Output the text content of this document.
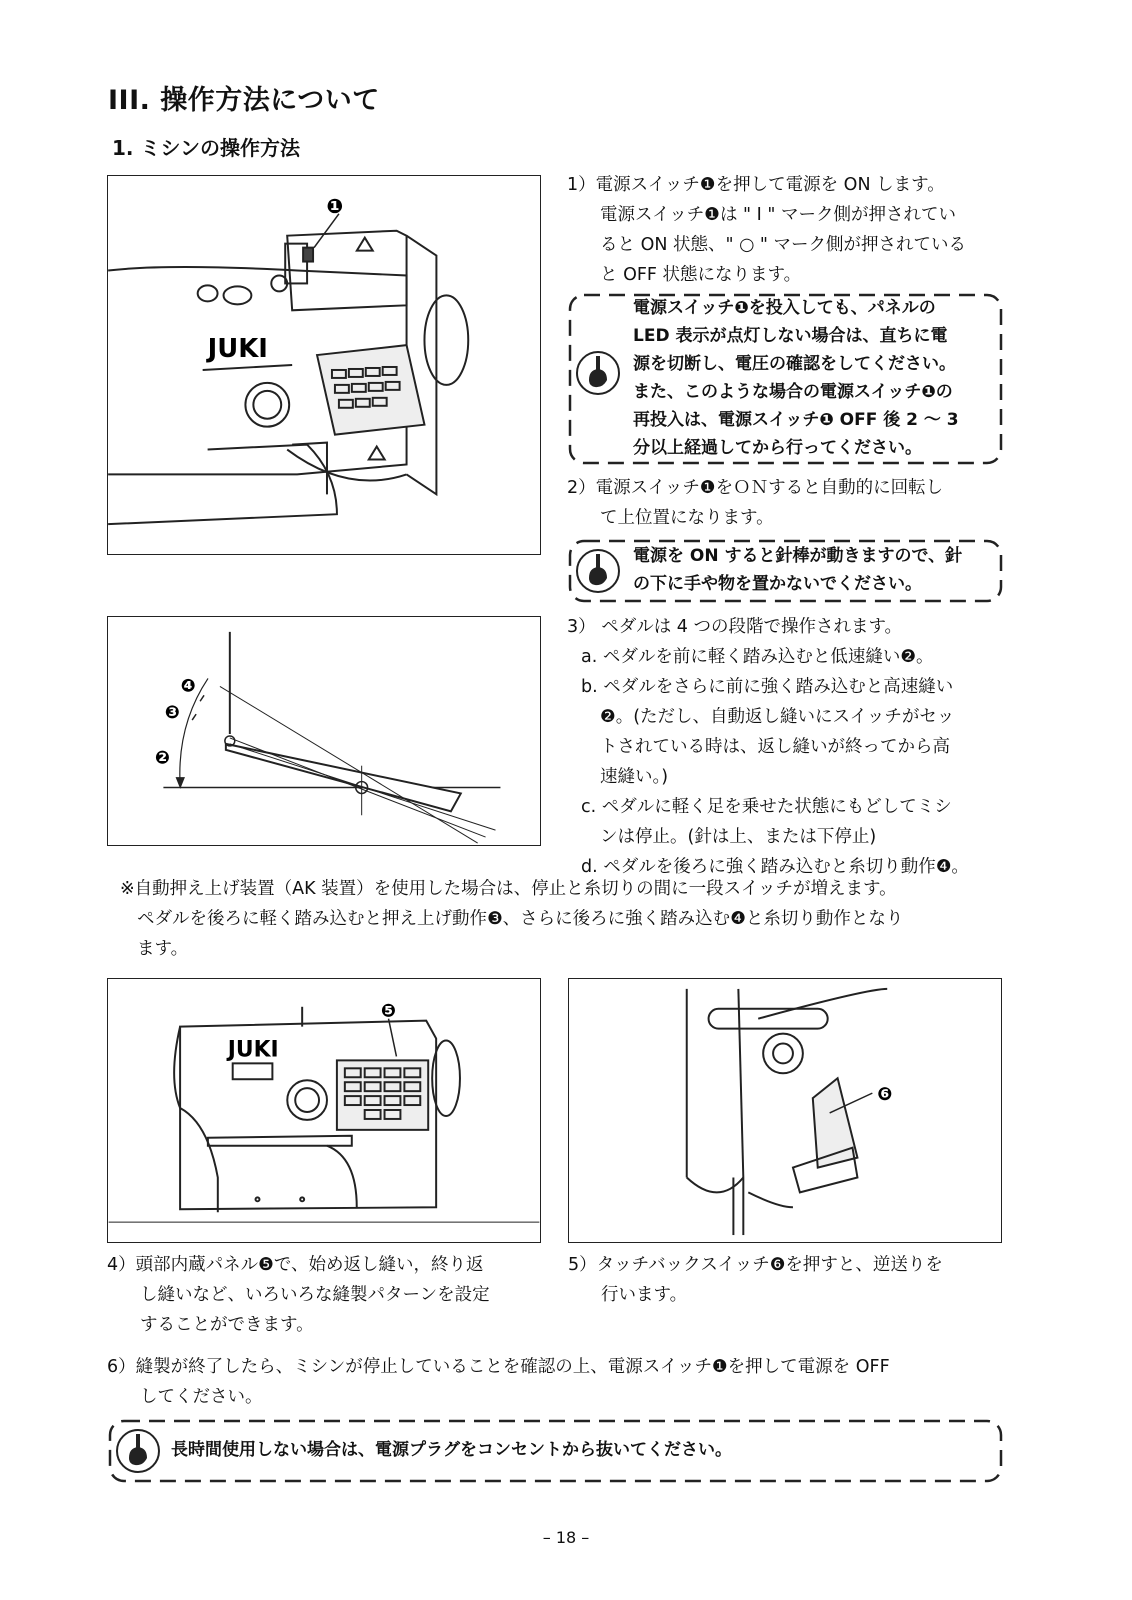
III. 操作方法について
1. ミシンの操作方法
❶
JUKI
❹
❸
❷
❺
JUKI
❻

1）電源スイッチ❶を押して電源を ON します。

電源スイッチ❶は " I " マーク側が押されてい

ると ON 状態、" ○ " マーク側が押されている

と OFF 状態になります。

電源スイッチ❶を投入しても、パネルの
LED 表示が点灯しない場合は、直ちに電
源を切断し、電圧の確認をしてください。
また、このような場合の電源スイッチ❶の
再投入は、電源スイッチ❶ OFF 後 2 ～ 3
分以上経過してから行ってください。

2）電源スイッチ❶をＯＮすると自動的に回転し

て上位置になります。

電源を ON すると針棒が動きますので、針
の下に手や物を置かないでください。

3） ペダルは 4 つの段階で操作されます。

a. ペダルを前に軽く踏み込むと低速縫い❷。

b. ペダルをさらに前に強く踏み込むと高速縫い

❷。(ただし、自動返し縫いにスイッチがセッ

トされている時は、返し縫いが終ってから高

速縫い。)

c. ペダルに軽く足を乗せた状態にもどしてミシ

ンは停止。(針は上、または下停止)

d. ペダルを後ろに強く踏み込むと糸切り動作❹。

※自動押え上げ装置（AK 装置）を使用した場合は、停止と糸切りの間に一段スイッチが増えます。

ペダルを後ろに軽く踏み込むと押え上げ動作❸、さらに後ろに強く踏み込む❹と糸切り動作となり

ます。

4）頭部内蔵パネル❺で、始め返し縫い，終り返

し縫いなど、いろいろな縫製パターンを設定

することができます。

5）タッチバックスイッチ❻を押すと、逆送りを

行います。

6）縫製が終了したら、ミシンが停止していることを確認の上、電源スイッチ❶を押して電源を OFF

してください。

長時間使用しない場合は、電源プラグをコンセントから抜いてください。
– 18 –
